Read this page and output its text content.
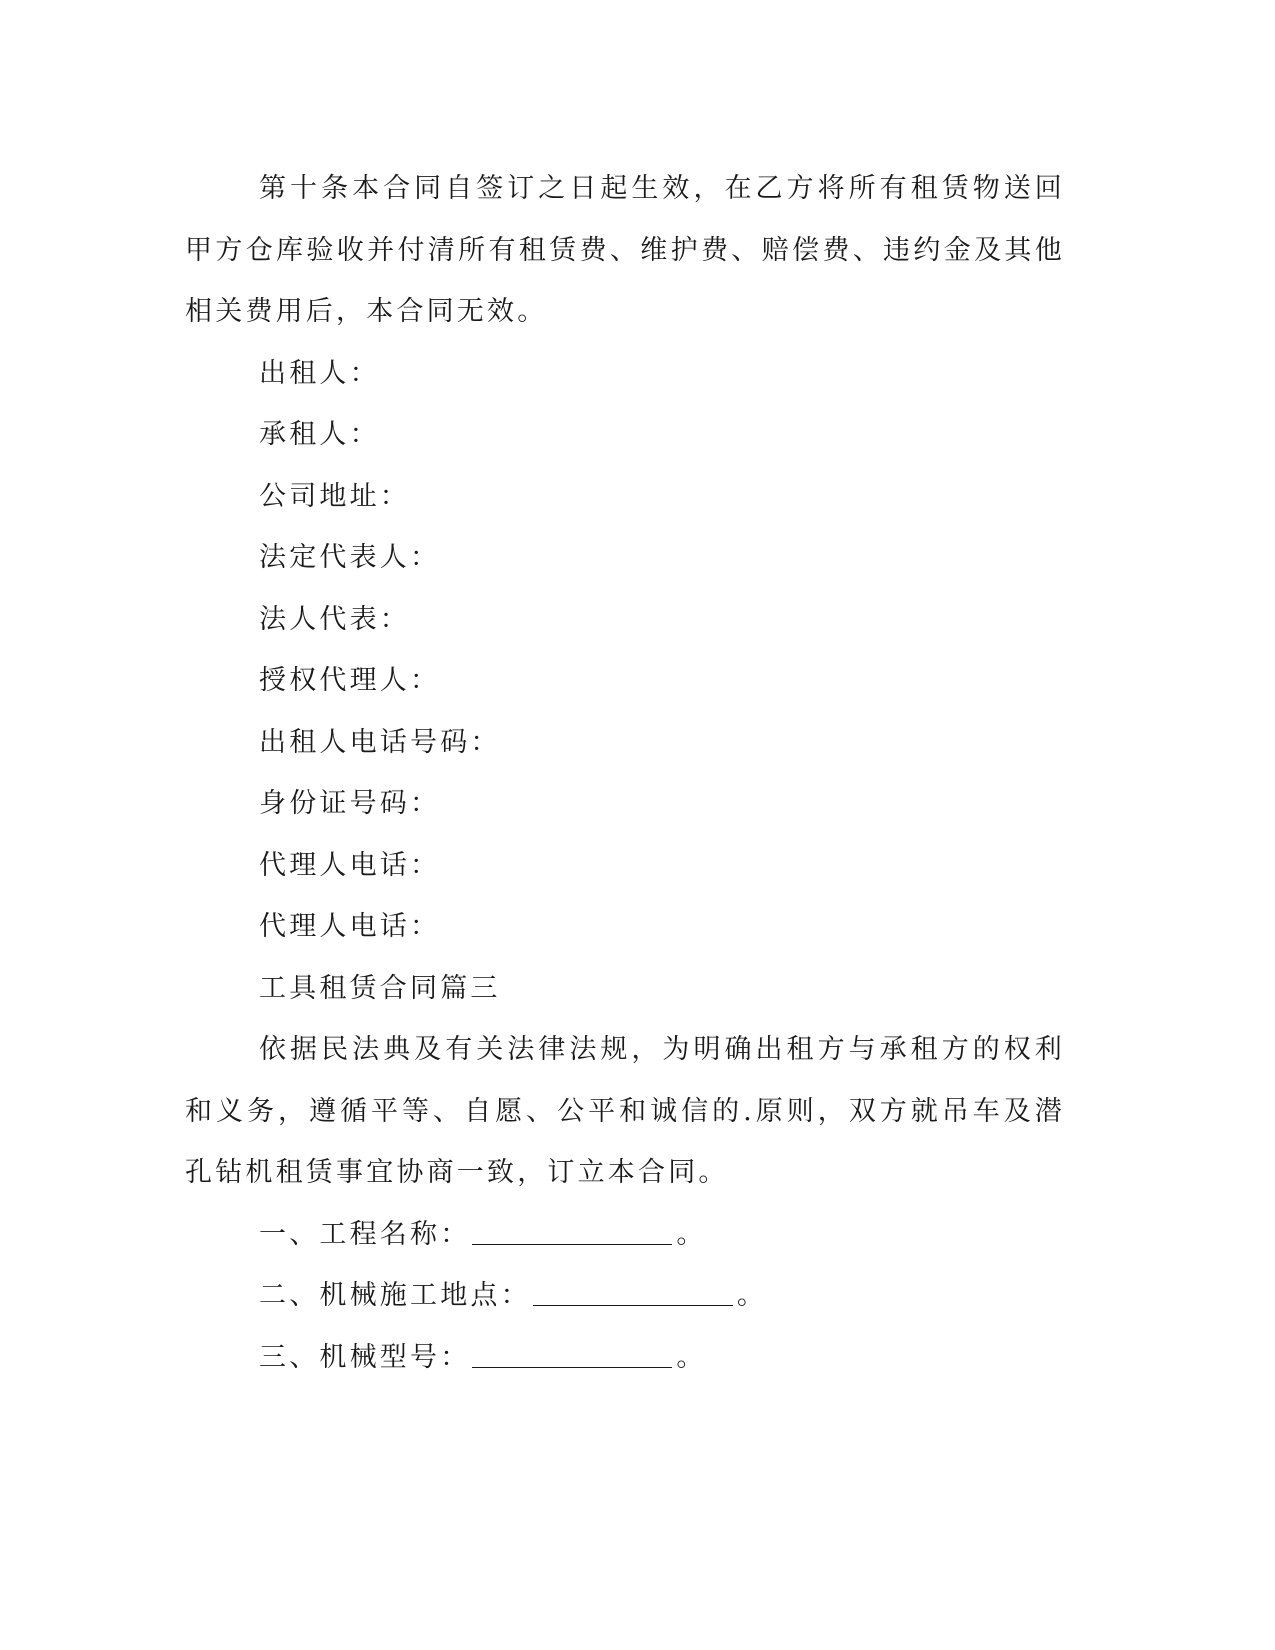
第十条本合同自签订之日起生效，在乙方将所有租赁物送回甲方仓库验收并付清所有租赁费、维护费、赔偿费、违约金及其他相关费用后，本合同无效。

出租人：

承租人：

公司地址：

法定代表人：

法人代表：

授权代理人：

出租人电话号码：

身份证号码：

代理人电话：

代理人电话：

工具租赁合同篇三

依据民法典及有关法律法规，为明确出租方与承租方的权利和义务，遵循平等、自愿、公平和诚信的.原则，双方就吊车及潜孔钻机租赁事宜协商一致，订立本合同。

一、工程名称：	。

二、机械施工地点：	。

三、机械型号：	。
